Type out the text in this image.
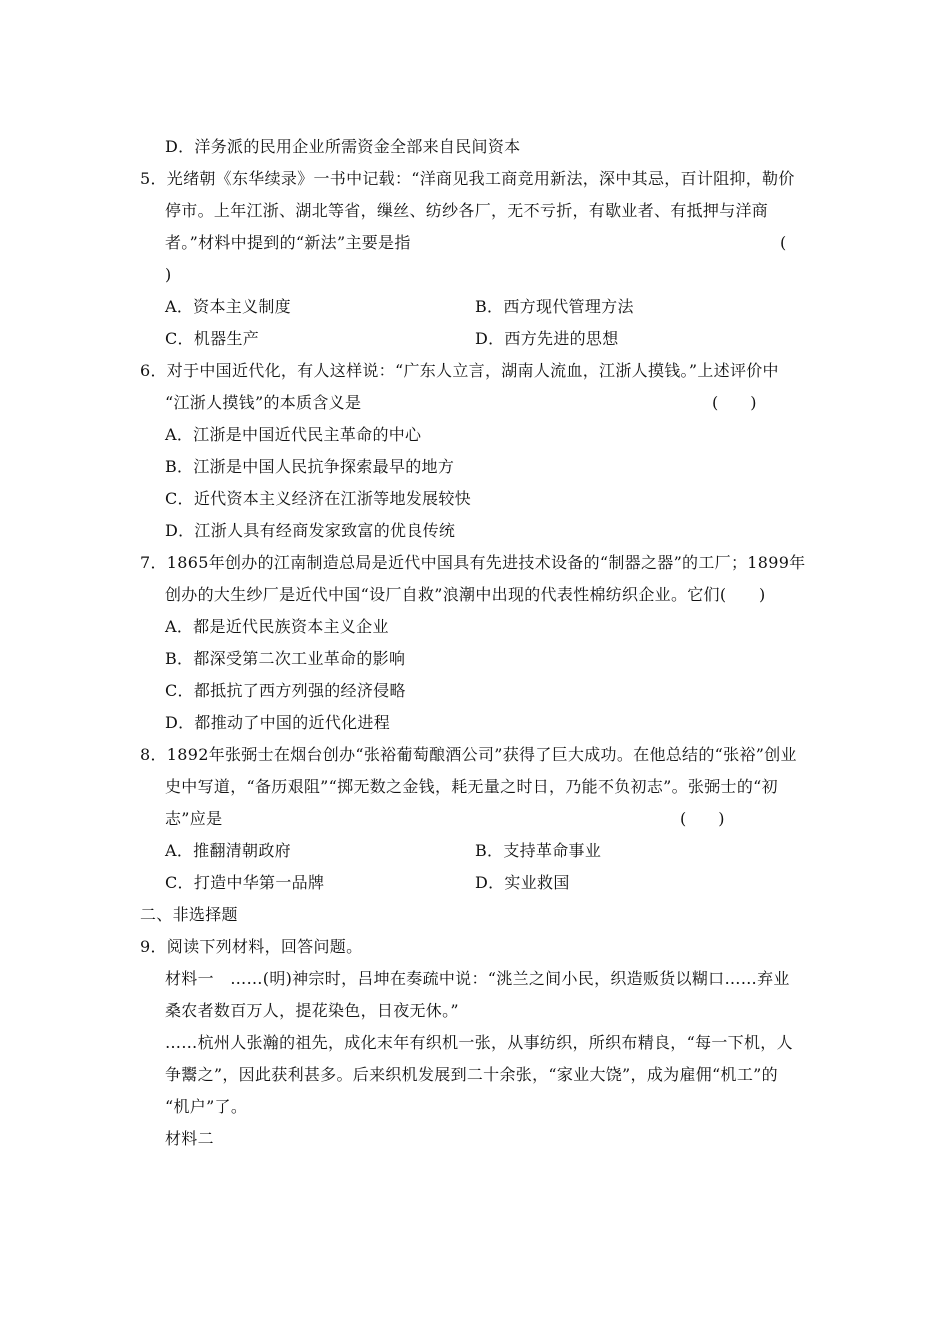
D．洋务派的民用企业所需资金全部来自民间资本
5．光绪朝《东华续录》一书中记载：“洋商见我工商竞用新法，深中其忌，百计阻抑，勒价
停市。上年江浙、湖北等省，缫丝、纺纱各厂，无不亏折，有歇业者、有抵押与洋商
者。”材料中提到的“新法”主要是指	(
)
A．资本主义制度	B．西方现代管理方法
C．机器生产	D．西方先进的思想
6．对于中国近代化，有人这样说：“广东人立言，湖南人流血，江浙人摸钱。”上述评价中
“江浙人摸钱”的本质含义是	(　　)
A．江浙是中国近代民主革命的中心
B．江浙是中国人民抗争探索最早的地方
C．近代资本主义经济在江浙等地发展较快
D．江浙人具有经商发家致富的优良传统
7．1865年创办的江南制造总局是近代中国具有先进技术设备的“制器之器”的工厂；1899年
创办的大生纱厂是近代中国“设厂自救”浪潮中出现的代表性棉纺织企业。它们(　　)
A．都是近代民族资本主义企业
B．都深受第二次工业革命的影响
C．都抵抗了西方列强的经济侵略
D．都推动了中国的近代化进程
8．1892年张弼士在烟台创办“张裕葡萄酿酒公司”获得了巨大成功。在他总结的“张裕”创业
史中写道，“备历艰阻”“掷无数之金钱，耗无量之时日，乃能不负初志”。张弼士的“初
志”应是	(　　)
A．推翻清朝政府	B．支持革命事业
C．打造中华第一品牌	D．实业救国
二、非选择题
9．阅读下列材料，回答问题。
材料一　……(明)神宗时，吕坤在奏疏中说：“洮兰之间小民，织造贩货以糊口……弃业
桑农者数百万人，提花染色，日夜无休。”
……杭州人张瀚的祖先，成化末年有织机一张，从事纺织，所织布精良，“每一下机，人
争鬻之”，因此获利甚多。后来织机发展到二十余张，“家业大饶”，成为雇佣“机工”的
“机户”了。
材料二
